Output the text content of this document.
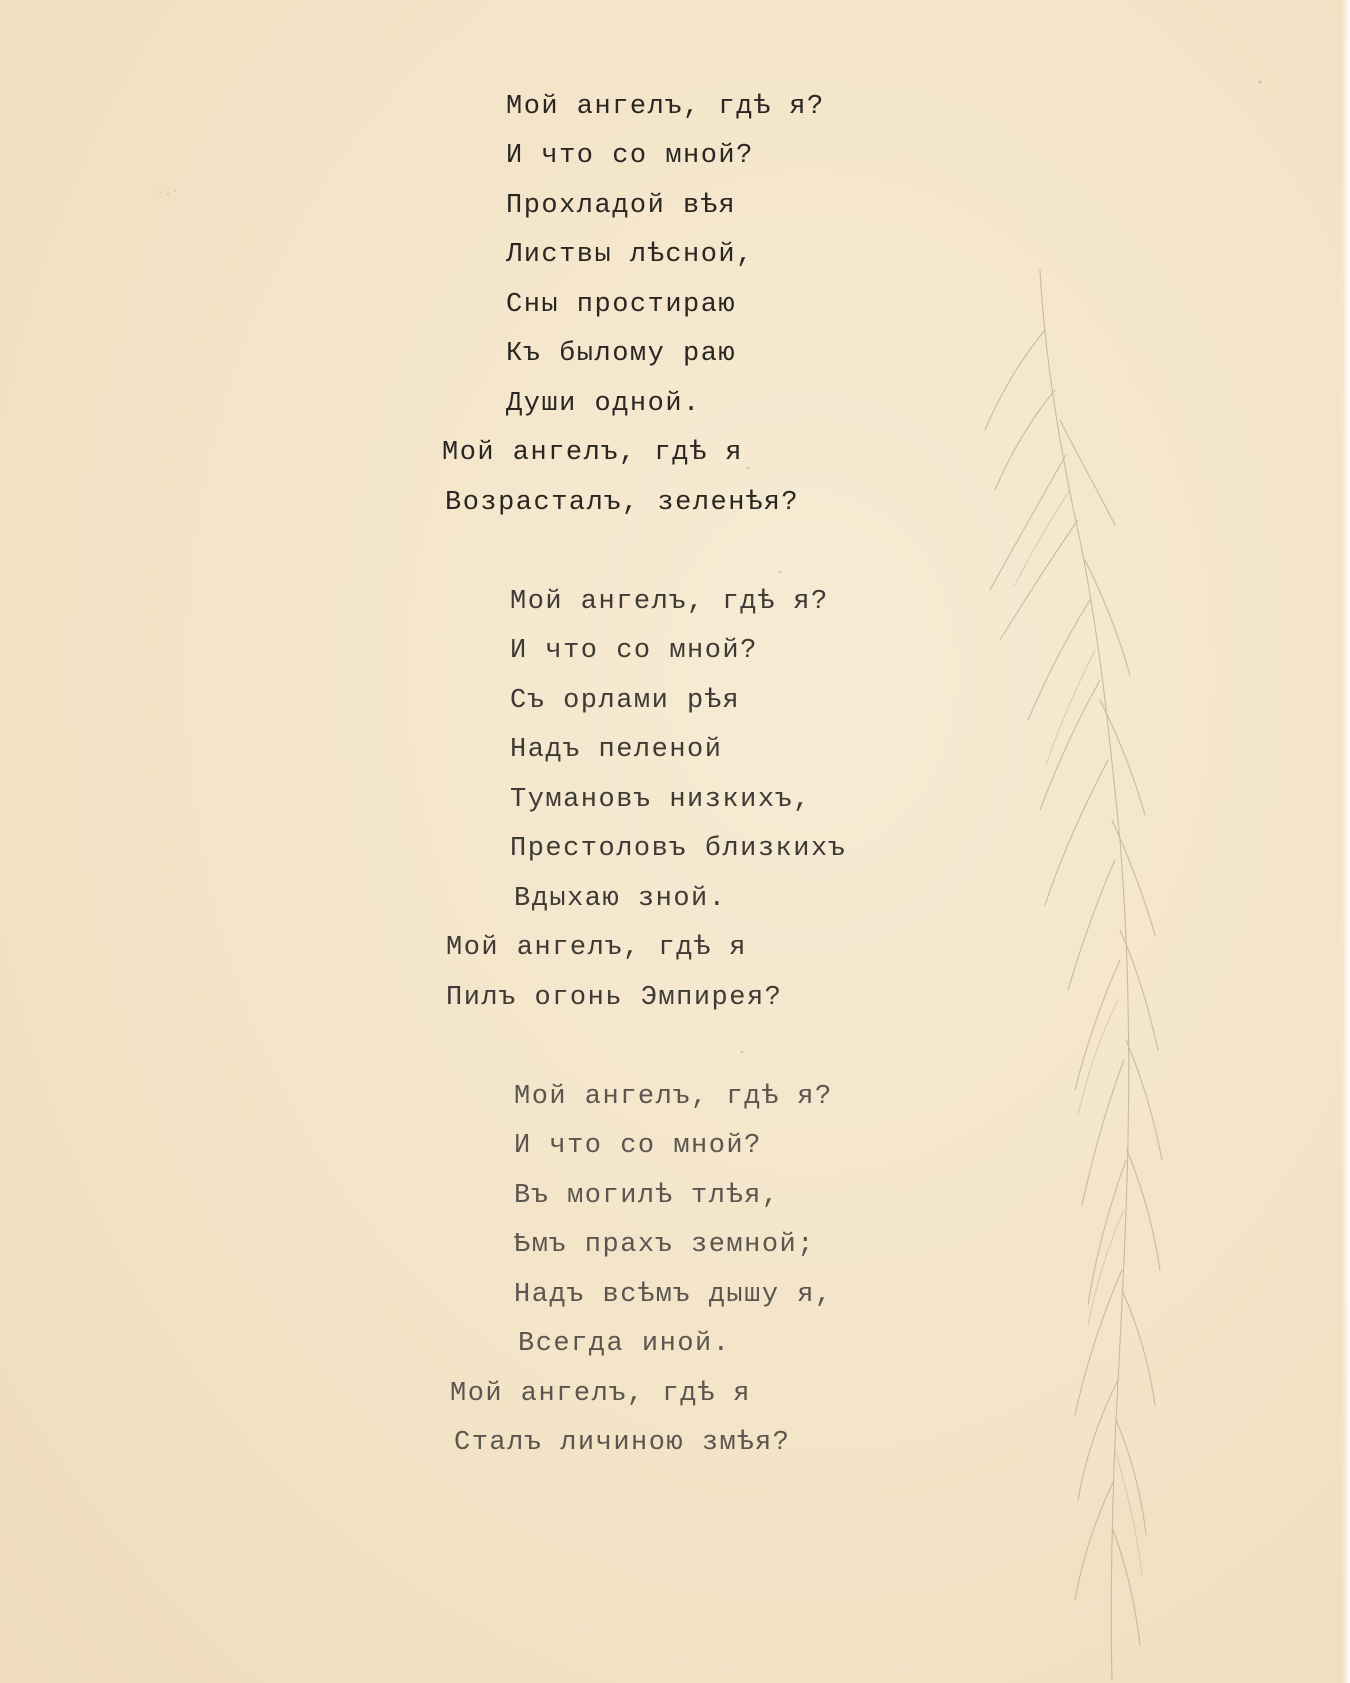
Мой ангелъ, гдѣ я?
И что со мной?
Прохладой вѣя
Листвы лѣсной,
Сны простираю
Къ былому раю
Души одной.
Мой ангелъ, гдѣ я
Возрасталъ, зеленѣя?
Мой ангелъ, гдѣ я?
И что со мной?
Съ орлами рѣя
Надъ пеленой
Тумановъ низкихъ,
Престоловъ близкихъ
Вдыхаю зной.
Мой ангелъ, гдѣ я
Пилъ огонь Эмпирея?
Мой ангелъ, гдѣ я?
И что со мной?
Въ могилѣ тлѣя,
Ѣмъ прахъ земной;
Надъ всѣмъ дышу я,
Всегда иной.
Мой ангелъ, гдѣ я
Сталъ личиною змѣя?
